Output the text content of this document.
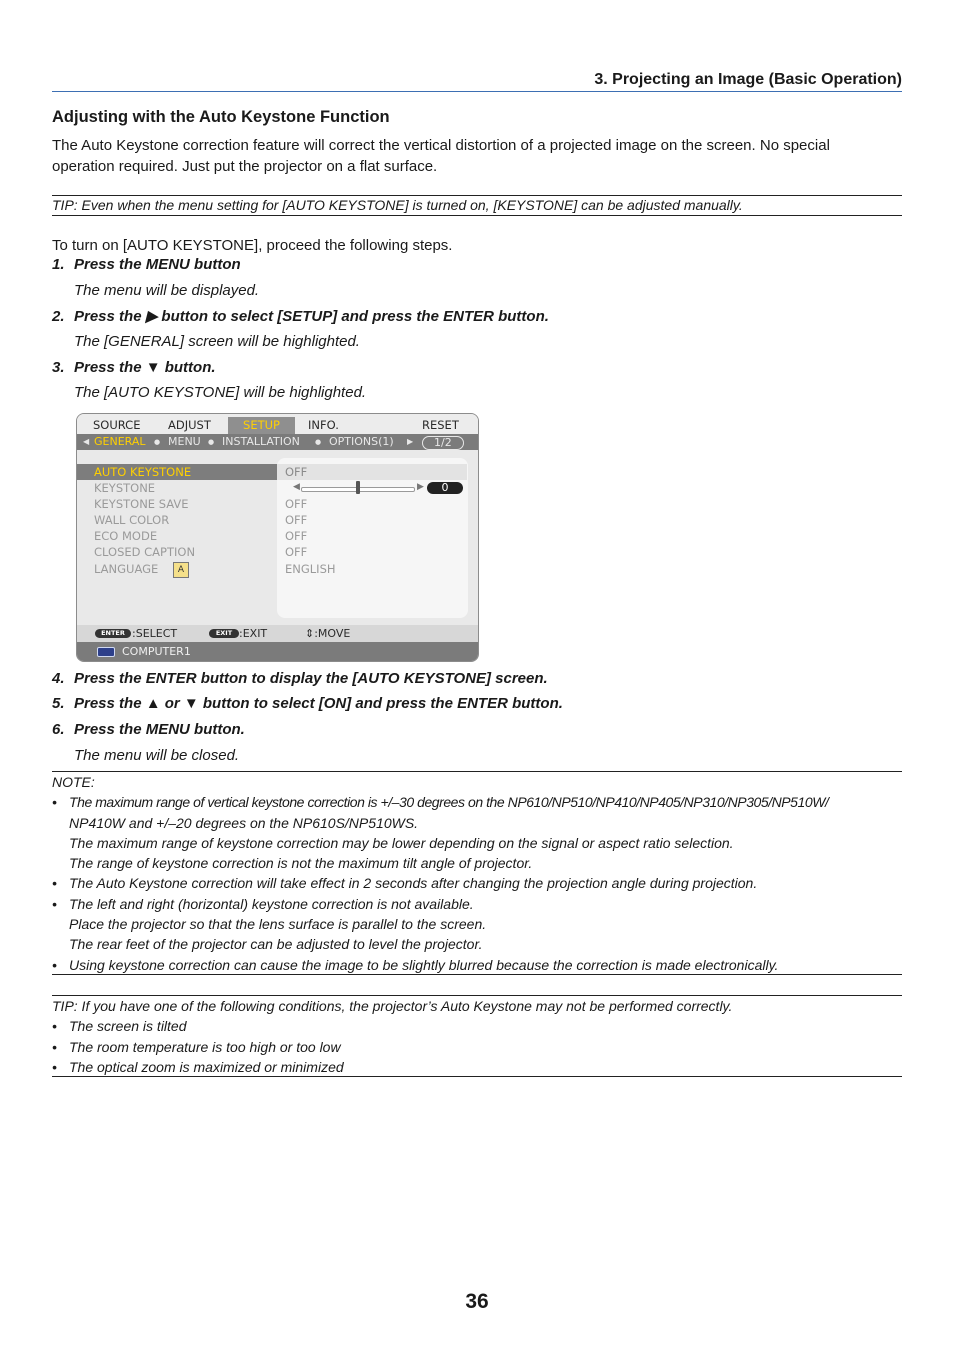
3. Projecting an Image (Basic Operation)
Adjusting with the Auto Keystone Function
The Auto Keystone correction feature will correct the vertical distortion of a projected image on the screen. No special
operation required. Just put the projector on a flat surface.
TIP: Even when the menu setting for [AUTO KEYSTONE] is turned on, [KEYSTONE] can be adjusted manually.
To turn on [AUTO KEYSTONE], proceed the following steps.
1. Press the MENU button
The menu will be displayed.
2. Press the ▶ button to select [SETUP] and press the ENTER button.
The [GENERAL] screen will be highlighted.
3. Press the ▼ button.
The [AUTO KEYSTONE] will be highlighted.
SOURCE ADJUST	SETUP	INFO.	RESET
◀ GENERAL ● MENU ● INSTALLATION ● OPTIONS(1) ▶	1/2
AUTO KEYSTONE	OFF
KEYSTONE	◀	▶	0
KEYSTONE SAVE	OFF
WALL COLOR	OFF
ECO MODE	OFF
CLOSED CAPTION	OFF
LANGUAGE	A	ENGLISH
ENTER :SELECT	EXIT :EXIT	⇕:MOVE
COMPUTER1
4. Press the ENTER button to display the [AUTO KEYSTONE] screen.
5. Press the ▲ or ▼ button to select [ON] and press the ENTER button.
6. Press the MENU button.
The menu will be closed.
NOTE:
• The maximum range of vertical keystone correction is +/–30 degrees on the NP610/NP510/NP410/NP405/NP310/NP305/NP510W/
NP410W and +/–20 degrees on the NP610S/NP510WS.
The maximum range of keystone correction may be lower depending on the signal or aspect ratio selection.
The range of keystone correction is not the maximum tilt angle of projector.
• The Auto Keystone correction will take effect in 2 seconds after changing the projection angle during projection.
• The left and right (horizontal) keystone correction is not available.
Place the projector so that the lens surface is parallel to the screen.
The rear feet of the projector can be adjusted to level the projector.
• Using keystone correction can cause the image to be slightly blurred because the correction is made electronically.
TIP: If you have one of the following conditions, the projector’s Auto Keystone may not be performed correctly.
• The screen is tilted
• The room temperature is too high or too low
• The optical zoom is maximized or minimized
36
